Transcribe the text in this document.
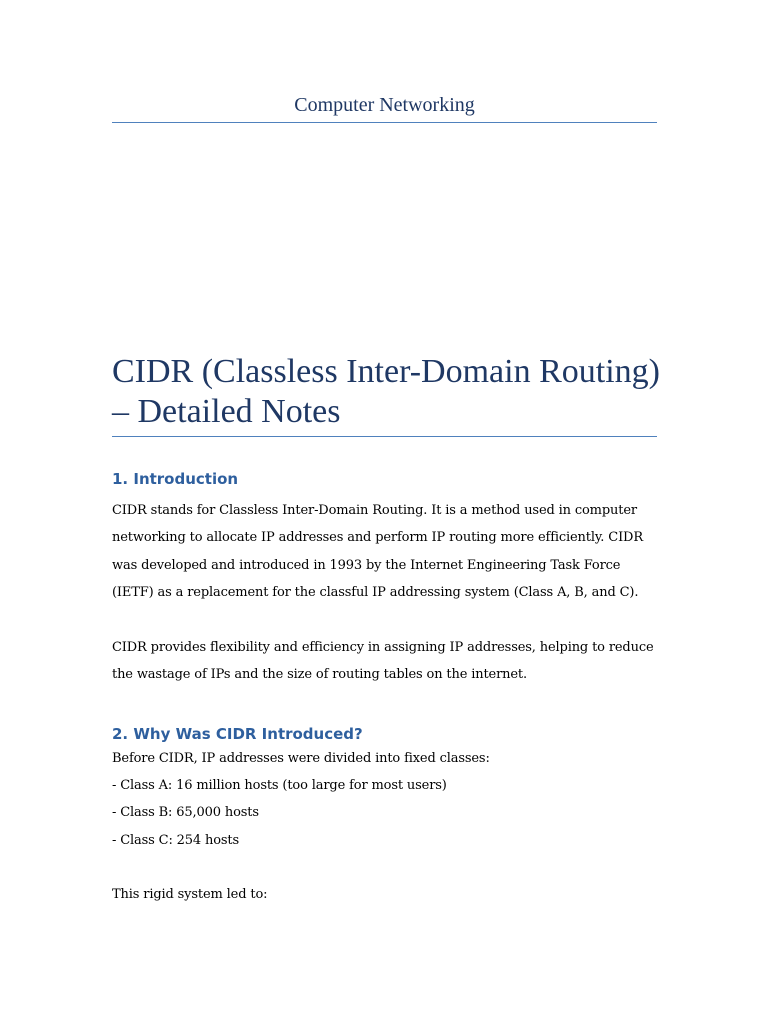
Computer Networking
CIDR (Classless Inter-Domain Routing)
– Detailed Notes
1. Introduction
CIDR stands for Classless Inter-Domain Routing. It is a method used in computer
networking to allocate IP addresses and perform IP routing more efficiently. CIDR
was developed and introduced in 1993 by the Internet Engineering Task Force
(IETF) as a replacement for the classful IP addressing system (Class A, B, and C).
CIDR provides flexibility and efficiency in assigning IP addresses, helping to reduce
the wastage of IPs and the size of routing tables on the internet.
2. Why Was CIDR Introduced?
Before CIDR, IP addresses were divided into fixed classes:
- Class A: 16 million hosts (too large for most users)
- Class B: 65,000 hosts
- Class C: 254 hosts
This rigid system led to:
